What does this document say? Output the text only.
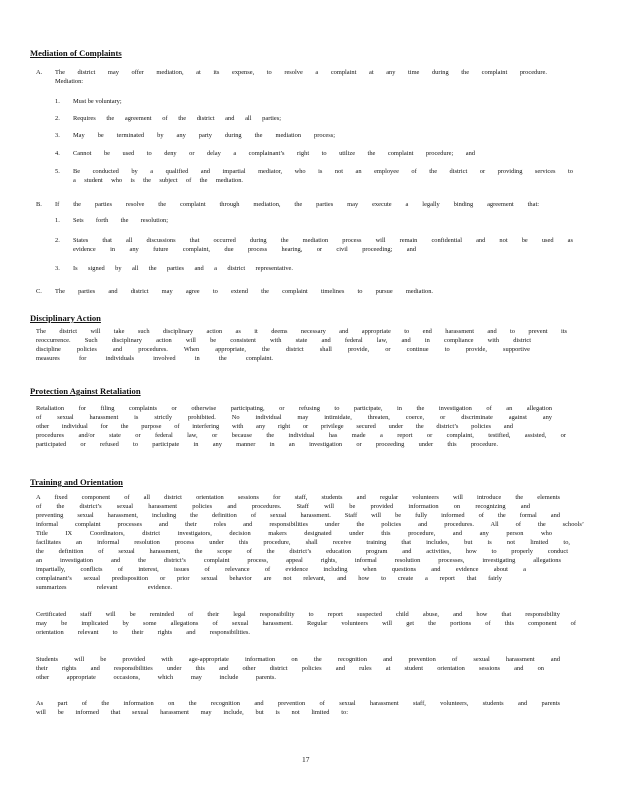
Mediation of Complaints
A. The district may offer mediation, at its expense, to resolve a complaint at any time during the complaint procedure.
Mediation:
1. Must be voluntary;
2. Requires the agreement of the district and all parties;
3. May be terminated by any party during the mediation process;
4. Cannot be used to deny or delay a complainant’s right to utilize the complaint procedure; and
5. Be conducted by a qualified and impartial mediator, who is not an employee of the district or providing services to
a student who is the subject of the mediation.
B. If the parties resolve the complaint through mediation, the parties may execute a legally binding agreement that:
1. Sets forth the resolution;
2. States that all discussions that occurred during the mediation process will remain confidential and not be used as
evidence in any future complaint, due process hearing, or civil proceeding; and
3. Is signed by all the parties and a district representative.
C. The parties and district may agree to extend the complaint timelines to pursue mediation.
Disciplinary Action
The district will take such disciplinary action as it deems necessary and appropriate to end harassment and to prevent its
reoccurrence. Such disciplinary action will be consistent with state and federal law, and in compliance with district
discipline policies and procedures. When appropriate, the district shall provide, or continue to provide, supportive
measures for individuals involved in the complaint.
Protection Against Retaliation
Retaliation for filing complaints or otherwise participating, or refusing to participate, in the investigation of an allegation
of sexual harassment is strictly prohibited. No individual may intimidate, threaten, coerce, or discriminate against any
other individual for the purpose of interfering with any right or privilege secured under the district’s policies and
procedures and/or state or federal law, or because the individual has made a report or complaint, testified, assisted, or
participated or refused to participate in any manner in an investigation or proceeding under this procedure.
Training and Orientation
A fixed component of all district orientation sessions for staff, students and regular volunteers will introduce the elements
of the district’s sexual harassment policies and procedures. Staff will be provided information on recognizing and
preventing sexual harassment, including the definition of sexual harassment. Staff will be fully informed of the formal and
informal complaint processes and their roles and responsibilities under the policies and procedures. All of the schools’
Title IX Coordinators, district investigators, decision makers designated under this procedure, and any person who
facilitates an informal resolution process under this procedure, shall receive training that includes, but is not limited to,
the definition of sexual harassment, the scope of the district’s education program and activities, how to properly conduct
an investigation and the district’s complaint process, appeal rights, informal resolution processes, investigating allegations
impartially, conflicts of interest, issues of relevance of evidence including when questions and evidence about a
complainant’s sexual predisposition or prior sexual behavior are not relevant, and how to create a report that fairly
summarizes relevant evidence.
Certificated staff will be reminded of their legal responsibility to report suspected child abuse, and how that responsibility
may be implicated by some allegations of sexual harassment. Regular volunteers will get the portions of this component of
orientation relevant to their rights and responsibilities.
Students will be provided with age-appropriate information on the recognition and prevention of sexual harassment and
their rights and responsibilities under this and other district policies and rules at student orientation sessions and on
other appropriate occasions, which may include parents.
As part of the information on the recognition and prevention of sexual harassment staff, volunteers, students and parents
will be informed that sexual harassment may include, but is not limited to:
17
